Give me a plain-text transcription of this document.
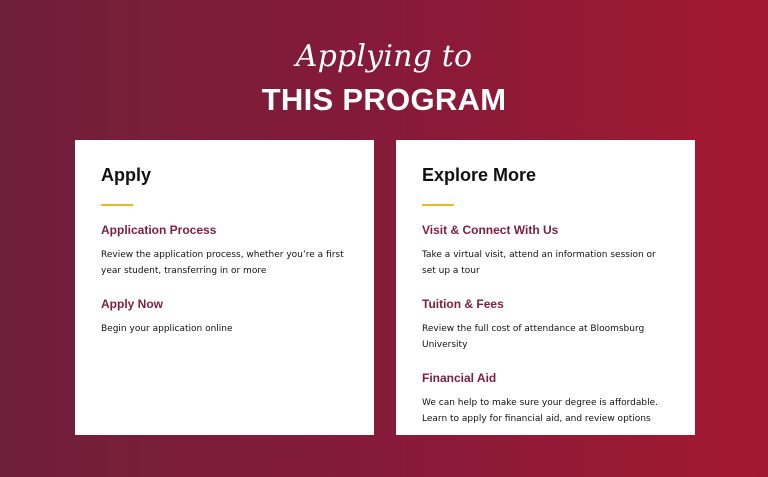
Applying to
THIS PROGRAM
Apply
Application Process
Review the application process, whether you’re a first year student, transferring in or more
Apply Now
Begin your application online
Explore More
Visit & Connect With Us
Take a virtual visit, attend an information session or set up a tour
Tuition & Fees
Review the full cost of attendance at Bloomsburg University
Financial Aid
We can help to make sure your degree is affordable. Learn to apply for financial aid, and review options
